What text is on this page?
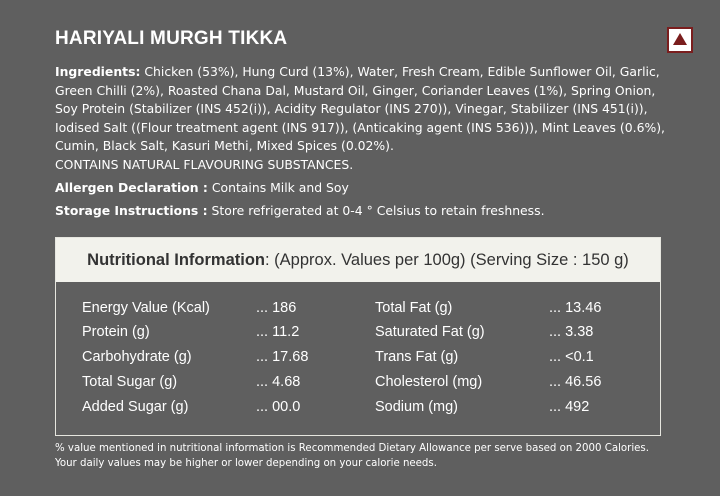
HARIYALI MURGH TIKKA
Ingredients: Chicken (53%), Hung Curd (13%), Water, Fresh Cream, Edible Sunflower Oil, Garlic, Green Chilli (2%), Roasted Chana Dal, Mustard Oil, Ginger, Coriander Leaves (1%), Spring Onion, Soy Protein (Stabilizer (INS 452(i)), Acidity Regulator (INS 270)), Vinegar, Stabilizer (INS 451(i)), Iodised Salt ((Flour treatment agent (INS 917)), (Anticaking agent (INS 536))), Mint Leaves (0.6%), Cumin, Black Salt, Kasuri Methi, Mixed Spices (0.02%).
CONTAINS NATURAL FLAVOURING SUBSTANCES.
Allergen Declaration : Contains Milk and Soy
Storage Instructions : Store refrigerated at 0-4 ° Celsius to retain freshness.
Nutritional Information : (Approx. Values per 100g) (Serving Size : 150 g)
Energy Value (Kcal)	... 186	Total Fat (g)	... 13.46
Protein (g)	... 11.2	Saturated Fat (g)	... 3.38
Carbohydrate (g)	... 17.68	Trans Fat (g)	... <0.1
Total Sugar (g)	... 4.68	Cholesterol (mg)	... 46.56
Added Sugar (g)	... 00.0	Sodium (mg)	... 492
% value mentioned in nutritional information is Recommended Dietary Allowance per serve based on 2000 Calories.
Your daily values may be higher or lower depending on your calorie needs.
